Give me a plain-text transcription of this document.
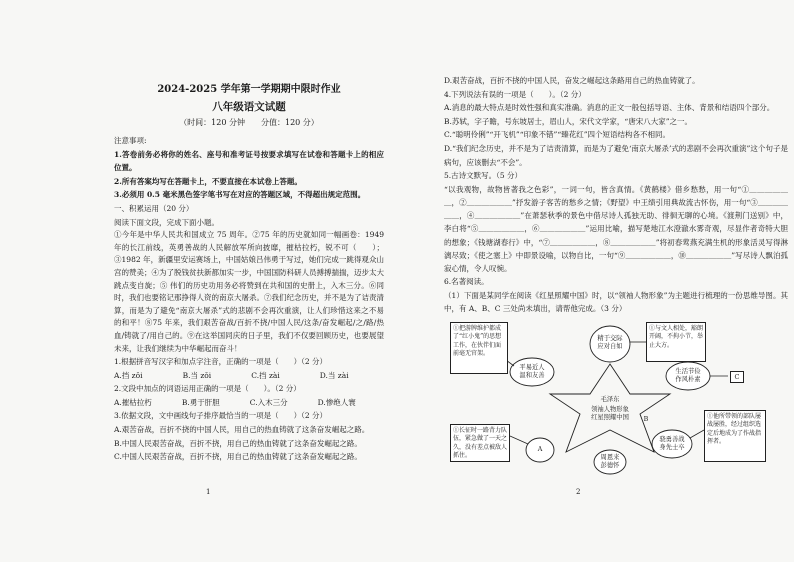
2024-2025 学年第一学期期中限时作业
八年级语文试题
（时间：120 分钟　　分值：120 分）
注意事项:
1.答卷前务必将你的姓名、座号和准考证号按要求填写在试卷和答题卡上的相应位置。
2.所有答案均写在答题卡上，不要直接在本试卷上答题。
3.必须用 0.5 毫米黑色签字笔书写在对应的答题区域，不得超出规定范围。
一、积累运用（20 分）
阅读下面文段，完成下面小题。
①今年是中华人民共和国成立 75 周年。②75 年的历史就如同一幅画卷：1949 年的长江前线，英勇善战的人民解放军所向披靡，摧枯拉朽，锐不可（　　）；③1982 年，新疆里安运赛场上，中国姑娘吕伟勇于写过，她们完成一跳得观众山宫的赞美；④为了脱钱贫扶新都加实一步，中国国防科研人员搏搏揣揣，迈步太大跳点变自旋；⑤ 伟们的历史功用务必将赞到在共和国的史册上，入木三分。⑥同时，我们也要铭记那挣得人资的南京大屠杀。⑦我们纪念历史，并不是为了诘责清算，而是为了避免“南京大屠杀”式的悲剧不会再次重演，让人们珍惜这来之不易的和平！⑧75 年来，我们艰苦奋战/百折不挠/中国人民/这条/奋发崛起/之/路/热血/铸就了/用自己的。⑨在这举国同庆的日子里，我们不仅要回顾历史，也要展望未来，让我们继续为中华崛起而奋斗！
1.根据拼音写汉字和加点字注音，正确的一项是（　　）（2 分）
A.挡 zǒi	B.当 zǒi	C.挡 zài	D.当 zài
2.文段中加点的词语运用正确的一项是（　　）。（2 分）
A.摧枯拉朽	B.勇于肝胆	C.入木三分	D.惨绝人寰
3.依据文段，文中画线句子排序最恰当的一项是（　　）（2 分）
A.艰苦奋战，百折不挠的中国人民，用自己的热血铸就了这条奋发崛起之路。
B.中国人民艰苦奋战，百折不挠，用自己的热血铸就了这条奋发崛起之路。
C.中国人民艰苦奋战，百折不挠，用自己的热血铸就了这条奋发崛起之路。
1
D.艰苦奋战，百折不挠的中国人民，奋发之崛起这条路用自己的热血铸就了。
4.下列说法有误的一项是（　　）。（2 分）
A.消息的最大特点是时效性强和真实准确。消息的正文一般包括导语、主体、背景和结语四个部分。
B.苏轼，字子瞻，号东坡居士，眉山人，宋代文学家，“唐宋八大家”之一。
C.“聪明伶俐”“开飞机”“印象不错”“臻花红”四个短语结构各不相同。
D.“我们纪念历史，并不是为了诘责清算，而是为了避免‘南京大屠杀’式的悲剧不会再次重演”这个句子是病句，应该删去“不会”。
5.古诗文默写。（5 分）
“以我观物，故物皆著我之色彩”，一词一句，皆含真情。《黄鹤楼》借乡愁愁，用一句“①＿＿＿＿＿＿，②＿＿＿＿＿＿”抒发游子客苦的愁乡之情；《野望》中王绩引用典故流古怀伤，用一句“③＿＿＿＿＿＿，④＿＿＿＿＿＿”在萧瑟秋季的景色中借尽诗人孤独无助、徘徊无聊的心境。《渡荆门送别》中，李白将“⑤＿＿＿＿＿＿，⑥＿＿＿＿＿＿”运用比喻，描写楚地江水澄澈水雾奇观，尽显作者奇特大胆的想象；《钱塘湖春行》中，“⑦＿＿＿＿＿＿，⑧＿＿＿＿＿＿”将初春莺燕充满生机的形象活灵写得淋漓尽致；《使之塞上》中即景设喻，以物自比，一句“⑨＿＿＿＿＿＿，⑩＿＿＿＿＿＿”写尽诗人飘泊孤寂心情，令人叹惋。
6.名著阅读。
（1）下面是某同学在阅读《红星照耀中国》时，以“领袖人物形象”为主题进行梳理的一份思维导图。其中，有 A、B、C 三处尚未填出，请帮他完成。（3 分）
①把游牌维护都成了“红小鬼”的思想工作，在伙伴们面前毫无官架。
①与文人相处，豁朗开阔，不拘小节，举止大方。
①长征时一路背力队伍，紧急做了一天之久，没有差点被敌人抓住。
①他所带领的部队屡战屡胜，经过组织选定后地成为了作战指挥者。
精于交际
应对自如
平易近人
温和友善
生活节俭
作风朴素
A
周恩来
彭德怀
骁勇善战
身先士卒
毛泽东
领袖人物形象
红星照耀中国
C
B
2
